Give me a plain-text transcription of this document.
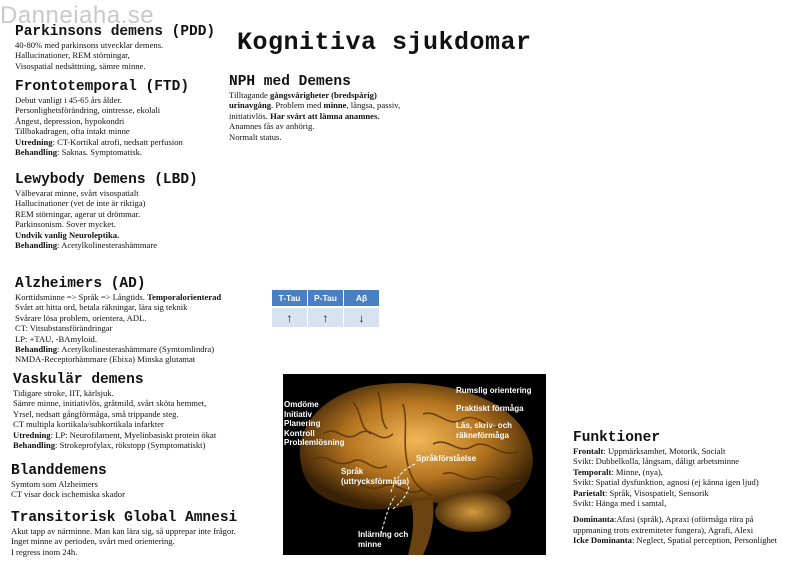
Danneiaha.se
Kognitiva sjukdomar
Parkinsons demens (PDD)
40-80% med parkinsons utvecklar demens.
Hallucinationer, REM störningar,
Visospatial nedsättning, sämre minne.
Frontotemporal (FTD)
Debut vanligt i 45-65 års ålder.
Personlighetsförändring, ointresse, ekolali
Ångest, depression, hypokondri
Tillbakadragen, ofta intakt minne
Utredning: CT-Kortikal atrofi, nedsatt perfusion
Behandling: Saknas. Symptomatisk.
Lewybody Demens (LBD)
Välbevarat minne, svårt visospatialt
Hallucinationer (vet de inte är riktiga)
REM störningar, agerar ut drömmar.
Parkinsonism. Sover mycket.
Undvik vanlig Neuroleptika.
Behandling: Acetylkolinesterashämmare
NPH med Demens
Tilltagande gångsvårigheter (bredspårig)
urinavgång. Problem med minne, långsa, passiv,
initiativlös. Har svårt att lämna anamnes.
Anamnes fås av anhörig.
Normalt status.
Alzheimers (AD)
Korttidsminne => Språk => Långtids. Temporalorienterad
Svårt att hitta ord, betala räkningar, lära sig teknik
Svårare lösa problem, orientera, ADL.
CT: Vitsubstansförändringar
LP: +TAU, -BAmyloid.
Behandling: Acetylkolinesterashämmare (Symtomlindra)
NMDA-Receptorhämmare (Ebixa) Minska glutamat
T-Tau	P-Tau	Aβ
↑	↑	↓
Vaskulär demens
Tidigare stroke, IIT, kärlsjuk.
Sämre minne, initiativlös, gråtmild, svårt sköta hemmet,
Yrsel, nedsatt gångförmåga, små trippande steg.
CT multipla kortikala/subkortikala infarkter
Utredning: LP: Neurofilament, Myelinbasiskt protein ökat
Behandling: Strokeprofylax, rökstopp (Symptomatiskt)
Blanddemens
Symtom som Alzheimers
CT visar dock ischemiska skador
Transitorisk Global Amnesi
Akut tapp av närminne. Man kan lära sig, så upprepar inte frågor.
Inget minne av perioden, svårt med orientering.
I regress inom 24h.
Omdöme
Initiativ
Planering
Kontroll
Problemlösning
Rumslig orientering
Praktiskt förmåga
Läs, skriv- och
räkneförmåga
Språkförståelse
Språk
(uttrycksförmåga)
Inlärning och
minne
Funktioner
Frontalt: Uppmärksamhet, Motorik, Socialt
Svikt: Dubbelkolla, långsam, dåligt arbetsminne
Temporalt: Minne, (nya),
Svikt: Spatial dysfunktion, agnosi (ej känna igen ljud)
Parietalt: Språk, Visospatielt, Sensorik
Svikt: Hänga med i samtal,
Dominanta:Afasi (språk), Apraxi (oförmåga röra på
uppmaning trots extremiteter fungera), Agrafi, Alexi
Icke Dominanta: Neglect, Spatial perception, Personlighet
